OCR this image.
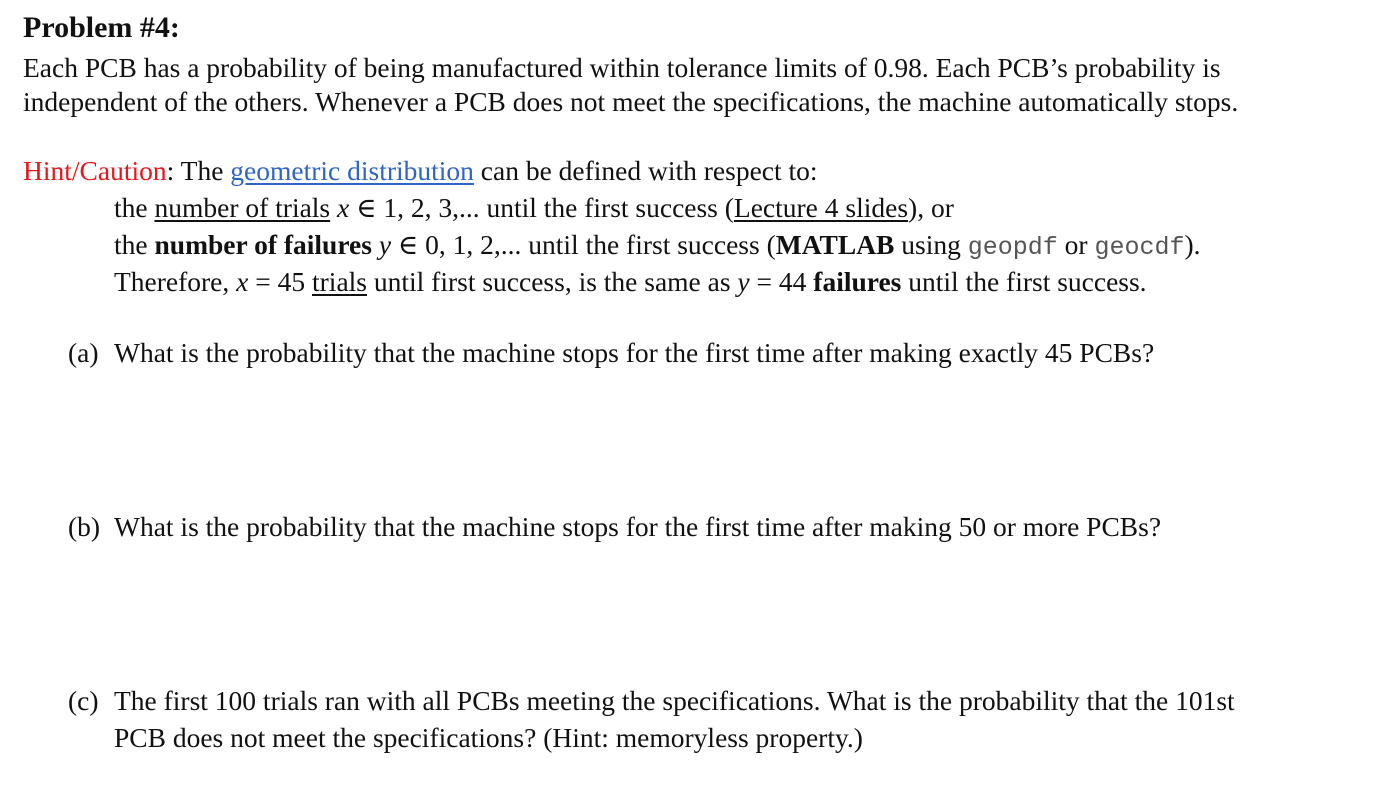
Problem #4:
Each PCB has a probability of being manufactured within tolerance limits of 0.98. Each PCB’s probability is
independent of the others. Whenever a PCB does not meet the specifications, the machine automatically stops.
Hint/Caution: The geometric distribution can be defined with respect to:
the number of trials x ∈ 1, 2, 3,... until the first success (Lecture 4 slides), or
the number of failures y ∈ 0, 1, 2,... until the first success (MATLAB using geopdf or geocdf).
Therefore, x = 45 trials until first success, is the same as y = 44 failures until the first success.
(a) What is the probability that the machine stops for the first time after making exactly 45 PCBs?
(b) What is the probability that the machine stops for the first time after making 50 or more PCBs?
(c) The first 100 trials ran with all PCBs meeting the specifications. What is the probability that the 101st
PCB does not meet the specifications? (Hint: memoryless property.)
